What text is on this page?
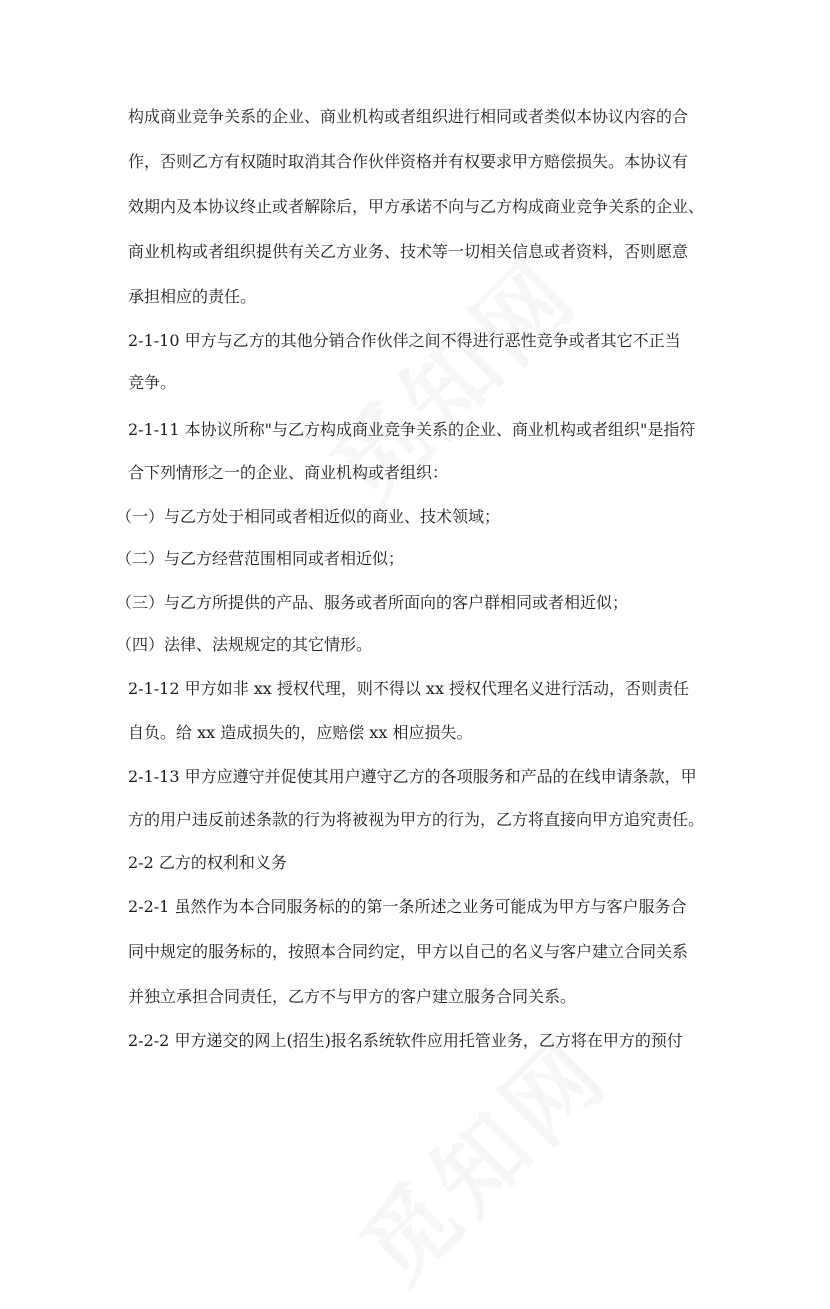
构成商业竞争关系的企业、商业机构或者组织进行相同或者类似本协议内容的合

作，否则乙方有权随时取消其合作伙伴资格并有权要求甲方赔偿损失。本协议有

效期内及本协议终止或者解除后，甲方承诺不向与乙方构成商业竞争关系的企业、

商业机构或者组织提供有关乙方业务、技术等一切相关信息或者资料，否则愿意

承担相应的责任。

2-1-10 甲方与乙方的其他分销合作伙伴之间不得进行恶性竞争或者其它不正当

竞争。

2-1-11 本协议所称"与乙方构成商业竞争关系的企业、商业机构或者组织"是指符

合下列情形之一的企业、商业机构或者组织：

（一）与乙方处于相同或者相近似的商业、技术领域；

（二）与乙方经营范围相同或者相近似；

（三）与乙方所提供的产品、服务或者所面向的客户群相同或者相近似；

（四）法律、法规规定的其它情形。

2-1-12 甲方如非 xx 授权代理，则不得以 xx 授权代理名义进行活动，否则责任

自负。给 xx 造成损失的，应赔偿 xx 相应损失。

2-1-13 甲方应遵守并促使其用户遵守乙方的各项服务和产品的在线申请条款，甲

方的用户违反前述条款的行为将被视为甲方的行为，乙方将直接向甲方追究责任。

2-2 乙方的权利和义务

2-2-1 虽然作为本合同服务标的的第一条所述之业务可能成为甲方与客户服务合

同中规定的服务标的，按照本合同约定，甲方以自己的名义与客户建立合同关系

并独立承担合同责任，乙方不与甲方的客户建立服务合同关系。

2-2-2 甲方递交的网上(招生)报名系统软件应用托管业务，乙方将在甲方的预付
